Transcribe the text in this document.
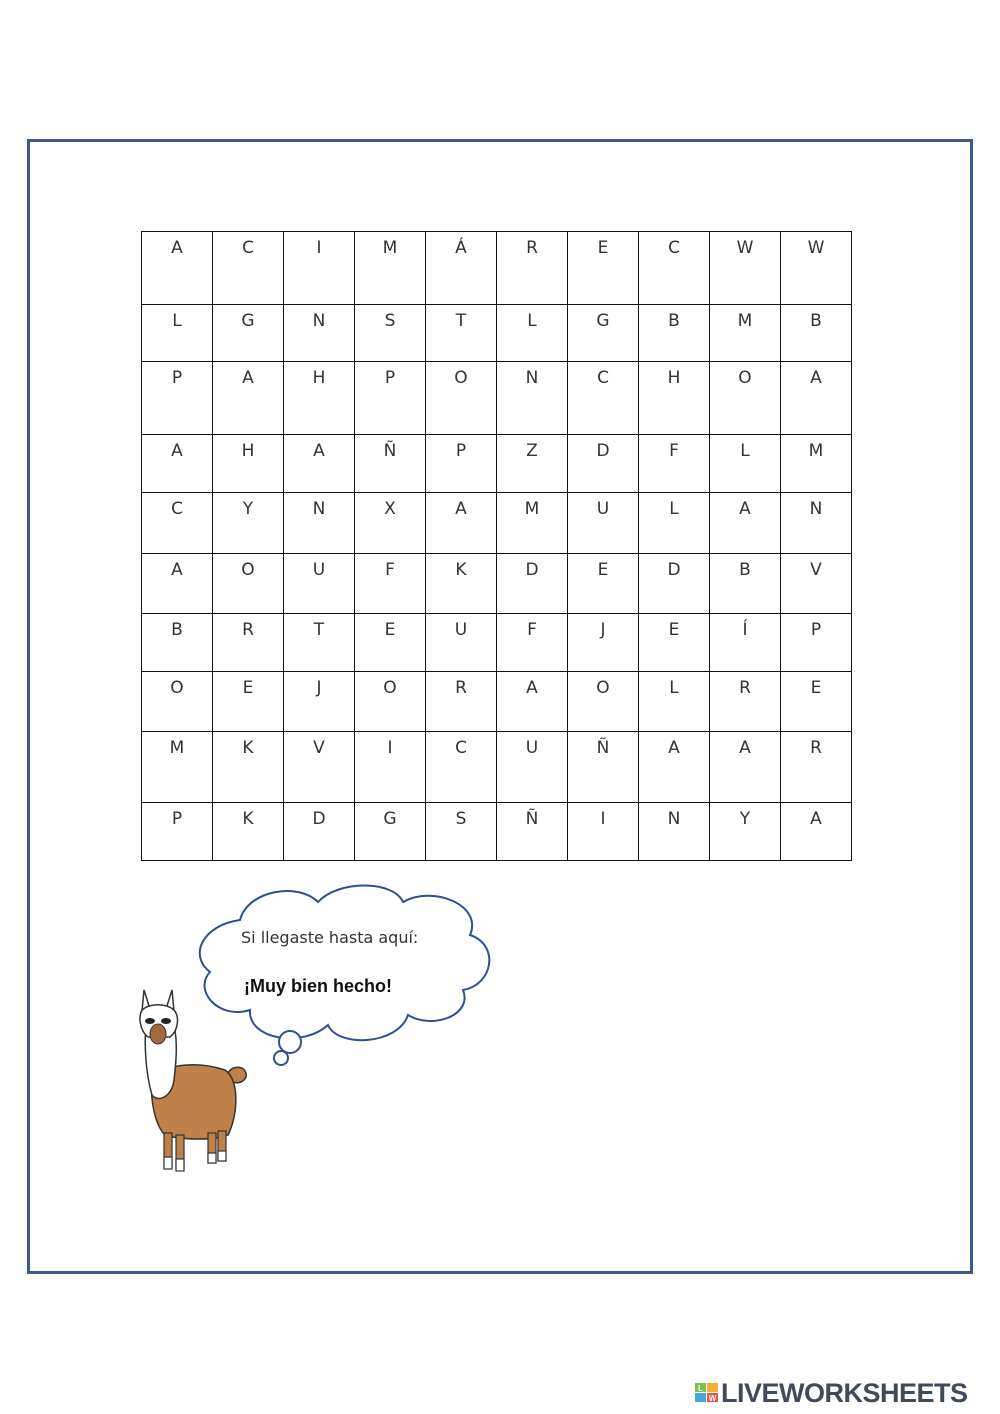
A	C	I	M	Á	R	E	C	W	W

L	G	N	S	T	L	G	B	M	B

P	A	H	P	O	N	C	H	O	A

A	H	A	Ñ	P	Z	D	F	L	M

C	Y	N	X	A	M	U	L	A	N

A	O	U	F	K	D	E	D	B	V

B	R	T	E	U	F	J	E	Í	P

O	E	J	O	R	A	O	L	R	E

M	K	V	I	C	U	Ñ	A	A	R

P	K	D	G	S	Ñ	I	N	Y	A
Si llegaste hasta aquí:
¡Muy bien hecho!
L
W LIVEWORKSHEETS
